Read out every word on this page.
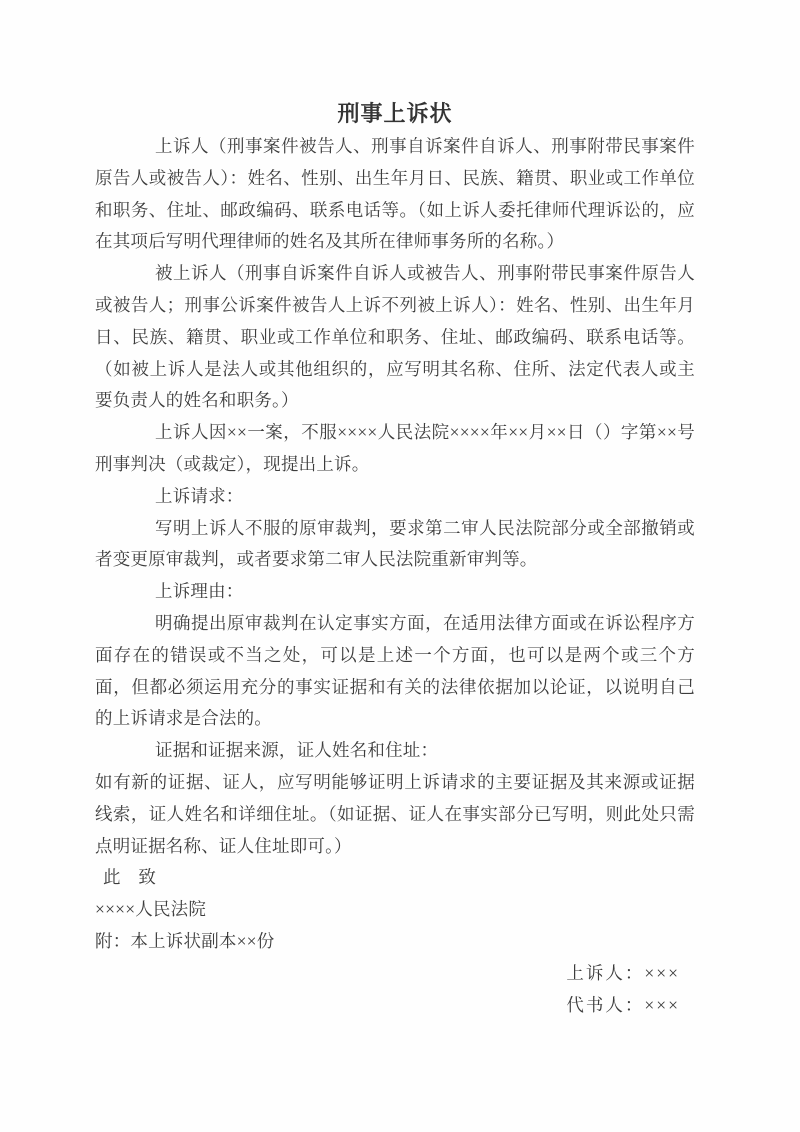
刑事上诉状

上诉人（刑事案件被告人、刑事自诉案件自诉人、刑事附带民事案件原告人或被告人）：姓名、性别、出生年月日、民族、籍贯、职业或工作单位和职务、住址、邮政编码、联系电话等。（如上诉人委托律师代理诉讼的，应在其项后写明代理律师的姓名及其所在律师事务所的名称。）

被上诉人（刑事自诉案件自诉人或被告人、刑事附带民事案件原告人或被告人；刑事公诉案件被告人上诉不列被上诉人）：姓名、性别、出生年月日、民族、籍贯、职业或工作单位和职务、住址、邮政编码、联系电话等。（如被上诉人是法人或其他组织的，应写明其名称、住所、法定代表人或主要负责人的姓名和职务。）

上诉人因××一案，不服××××人民法院××××年××月××日（）字第××号刑事判决（或裁定），现提出上诉。

上诉请求：

写明上诉人不服的原审裁判，要求第二审人民法院部分或全部撤销或者变更原审裁判，或者要求第二审人民法院重新审判等。

上诉理由：

明确提出原审裁判在认定事实方面，在适用法律方面或在诉讼程序方面存在的错误或不当之处，可以是上述一个方面，也可以是两个或三个方面，但都必须运用充分的事实证据和有关的法律依据加以论证，以说明自己的上诉请求是合法的。

证据和证据来源，证人姓名和住址：

如有新的证据、证人，应写明能够证明上诉请求的主要证据及其来源或证据线索，证人姓名和详细住址。（如证据、证人在事实部分已写明，则此处只需点明证据名称、证人住址即可。）

此　致

××××人民法院

附：本上诉状副本××份

上诉人：×××

代书人：×××
